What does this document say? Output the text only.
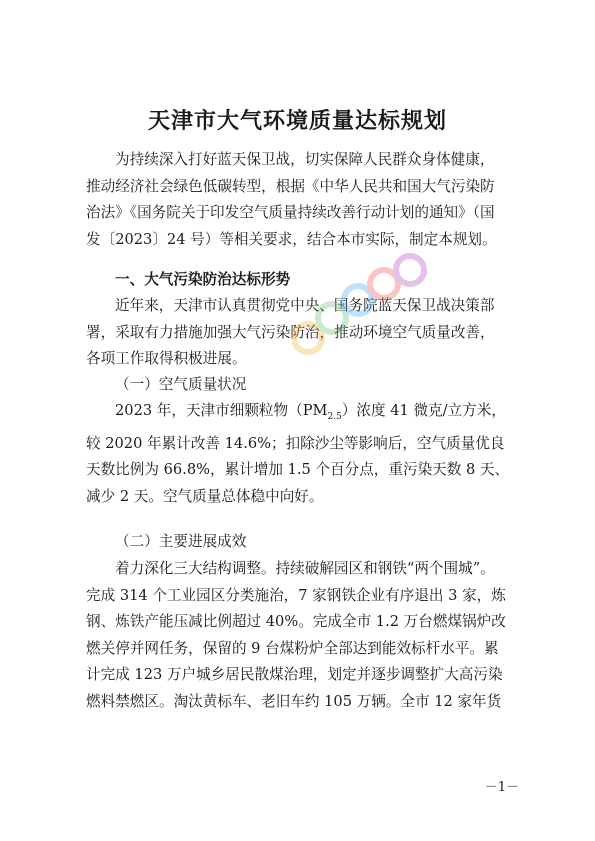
天津市大气环境质量达标规划

为持续深入打好蓝天保卫战，切实保障人民群众身体健康，
推动经济社会绿色低碳转型，根据《中华人民共和国大气污染防
治法》《国务院关于印发空气质量持续改善行动计划的通知》（国
发〔2023〕24 号）等相关要求，结合本市实际，制定本规划。

一、大气污染防治达标形势

近年来，天津市认真贯彻党中央、国务院蓝天保卫战决策部
署，采取有力措施加强大气污染防治，推动环境空气质量改善，
各项工作取得积极进展。

（一）空气质量状况

2023 年，天津市细颗粒物$(PM_{2.5})$浓度 41 微克/立方米，
较 2020 年累计改善 14.6%；扣除沙尘等影响后，空气质量优良
天数比例为 66.8%，累计增加 1.5 个百分点，重污染天数 8 天、
减少 2 天。空气质量总体稳中向好。

（二）主要进展成效

着力深化三大结构调整。持续破解园区和钢铁“两个围城”。
完成 314 个工业园区分类施治，7 家钢铁企业有序退出 3 家，炼
钢、炼铁产能压减比例超过 40%。完成全市 1.2 万台燃煤锅炉改
燃关停并网任务，保留的 9 台煤粉炉全部达到能效标杆水平。累
计完成 123 万户城乡居民散煤治理，划定并逐步调整扩大高污染
燃料禁燃区。淘汰黄标车、老旧车约 105 万辆。全市 12 家年货

－1－
